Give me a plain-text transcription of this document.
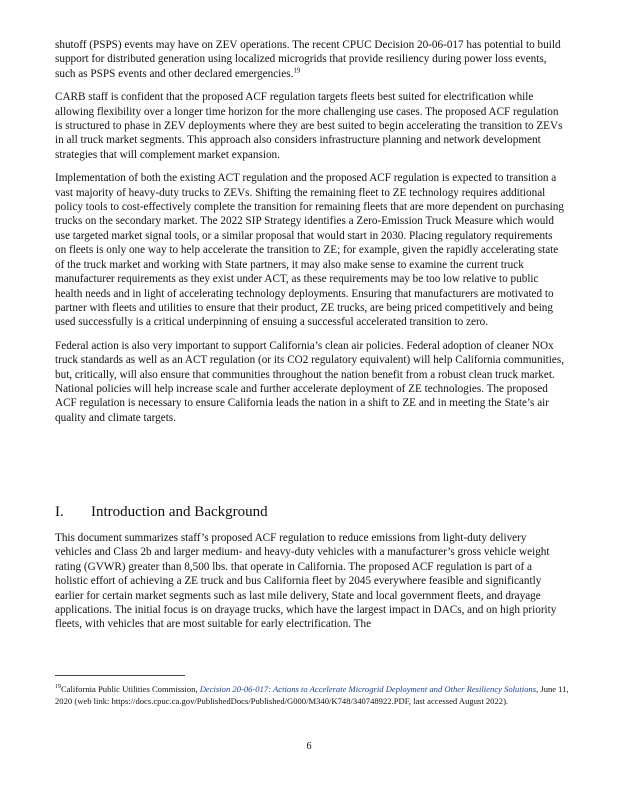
shutoff (PSPS) events may have on ZEV operations. The recent CPUC Decision 20-06-017 has potential to build support for distributed generation using localized microgrids that provide resiliency during power loss events, such as PSPS events and other declared emergencies.$^{19}$

CARB staff is confident that the proposed ACF regulation targets fleets best suited for electrification while allowing flexibility over a longer time horizon for the more challenging use cases. The proposed ACF regulation is structured to phase in ZEV deployments where they are best suited to begin accelerating the transition to ZEVs in all truck market segments. This approach also considers infrastructure planning and network development strategies that will complement market expansion.

Implementation of both the existing ACT regulation and the proposed ACF regulation is expected to transition a vast majority of heavy-duty trucks to ZEVs. Shifting the remaining fleet to ZE technology requires additional policy tools to cost-effectively complete the transition for remaining fleets that are more dependent on purchasing trucks on the secondary market. The 2022 SIP Strategy identifies a Zero-Emission Truck Measure which would use targeted market signal tools, or a similar proposal that would start in 2030. Placing regulatory requirements on fleets is only one way to help accelerate the transition to ZE; for example, given the rapidly accelerating state of the truck market and working with State partners, it may also make sense to examine the current truck manufacturer requirements as they exist under ACT, as these requirements may be too low relative to public health needs and in light of accelerating technology deployments. Ensuring that manufacturers are motivated to partner with fleets and utilities to ensure that their product, ZE trucks, are being priced competitively and being used successfully is a critical underpinning of ensuing a successful accelerated transition to zero.

Federal action is also very important to support California’s clean air policies. Federal adoption of cleaner NOx truck standards as well as an ACT regulation (or its CO2 regulatory equivalent) will help California communities, but, critically, will also ensure that communities throughout the nation benefit from a robust clean truck market. National policies will help increase scale and further accelerate deployment of ZE technologies. The proposed ACF regulation is necessary to ensure California leads the nation in a shift to ZE and in meeting the State’s air quality and climate targets.

I. Introduction and Background

This document summarizes staff’s proposed ACF regulation to reduce emissions from light-duty delivery vehicles and Class 2b and larger medium- and heavy-duty vehicles with a manufacturer’s gross vehicle weight rating (GVWR) greater than 8,500 lbs. that operate in California. The proposed ACF regulation is part of a holistic effort of achieving a ZE truck and bus California fleet by 2045 everywhere feasible and significantly earlier for certain market segments such as last mile delivery, State and local government fleets, and drayage applications. The initial focus is on drayage trucks, which have the largest impact in DACs, and on high priority fleets, with vehicles that are most suitable for early electrification. The

$^{19}$California Public Utilities Commission, Decision 20-06-017: Actions to Accelerate Microgrid Deployment and Other Resiliency Solutions, June 11, 2020 (web link: https://docs.cpuc.ca.gov/PublishedDocs/Published/G000/M340/K748/340748922.PDF, last accessed August 2022).
6
